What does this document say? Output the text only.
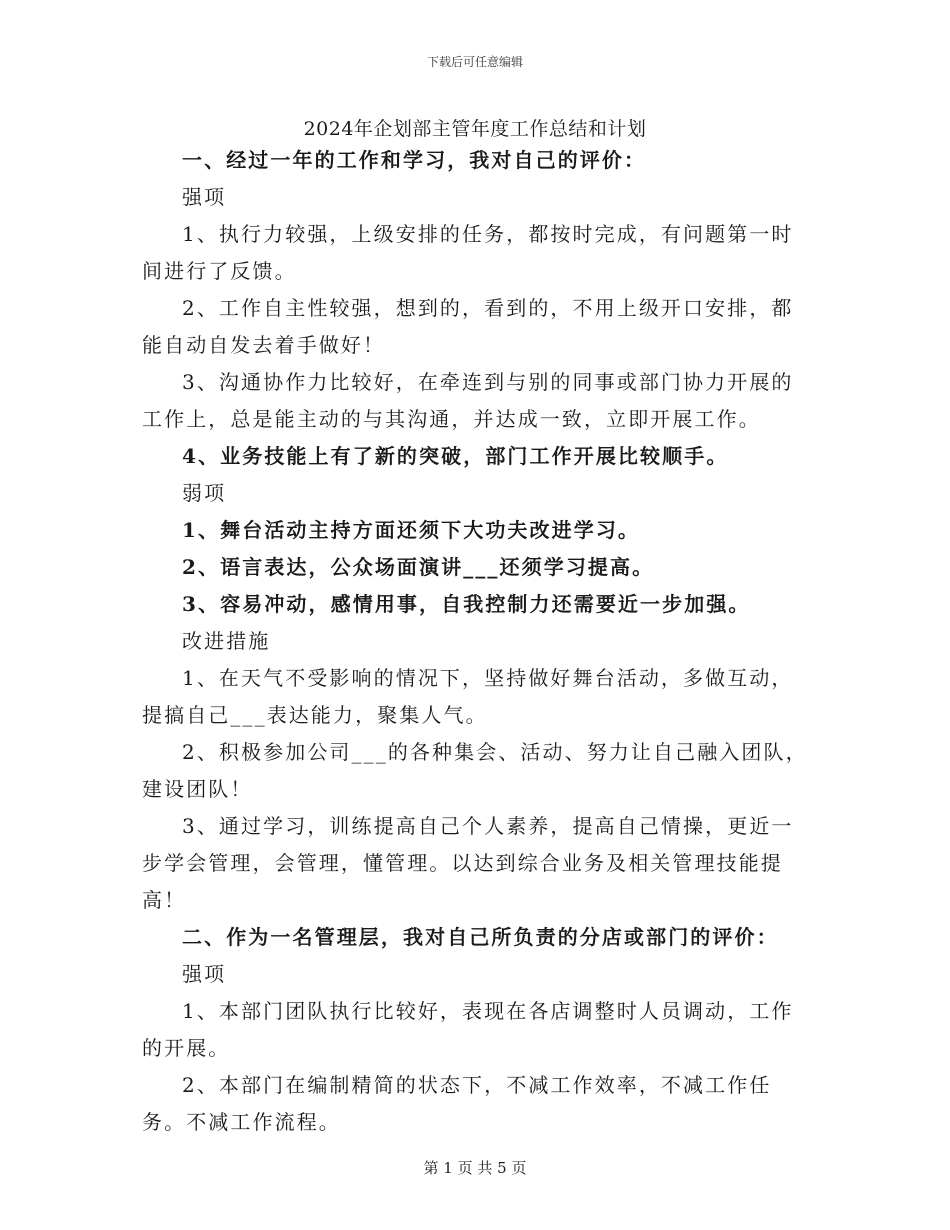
下载后可任意编辑
2024年企划部主管年度工作总结和计划

一、经过一年的工作和学习，我对自己的评价：

强项

1、执行力较强，上级安排的任务，都按时完成，有问题第一时间进行了反馈。

2、工作自主性较强，想到的，看到的，不用上级开口安排，都能自动自发去着手做好！

3、沟通协作力比较好，在牵连到与别的同事或部门协力开展的工作上，总是能主动的与其沟通，并达成一致，立即开展工作。

4、业务技能上有了新的突破，部门工作开展比较顺手。

弱项

1、舞台活动主持方面还须下大功夫改进学习。

2、语言表达，公众场面演讲___还须学习提高。

3、容易冲动，感情用事，自我控制力还需要近一步加强。

改进措施

1、在天气不受影响的情况下，坚持做好舞台活动，多做互动，提搞自己___表达能力，聚集人气。

2、积极参加公司___的各种集会、活动、努力让自己融入团队，建设团队！

3、通过学习，训练提高自己个人素养，提高自己情操，更近一步学会管理，会管理，懂管理。以达到综合业务及相关管理技能提高！

二、作为一名管理层，我对自己所负责的分店或部门的评价：

强项

1、本部门团队执行比较好，表现在各店调整时人员调动，工作的开展。

2、本部门在编制精简的状态下，不减工作效率，不减工作任务。不减工作流程。

第 1 页 共 5 页
